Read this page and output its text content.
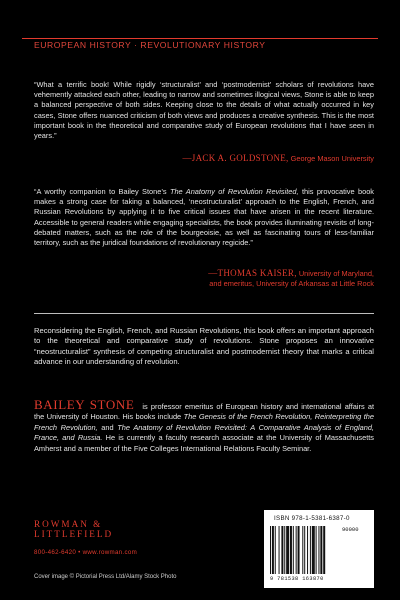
EUROPEAN HISTORY · REVOLUTIONARY HISTORY
“What a terrific book! While rigidly ‘structuralist’ and ‘postmodernist’ scholars of revolutions have vehemently attacked each other, leading to narrow and sometimes illogical views, Stone is able to keep a balanced perspective of both sides. Keeping close to the details of what actually occurred in key cases, Stone offers nuanced criticism of both views and produces a creative synthesis. This is the most important book in the theoretical and comparative study of European revolutions that I have seen in years.”
—JACK A. GOLDSTONE, George Mason University
“A worthy companion to Bailey Stone’s The Anatomy of Revolution Revisited, this provocative book makes a strong case for taking a balanced, ‘neostructuralist’ approach to the English, French, and Russian Revolutions by applying it to five critical issues that have arisen in the recent literature. Accessible to general readers while engaging specialists, the book provides illuminating revisits of long-debated matters, such as the role of the bourgeoisie, as well as fascinating tours of less-familiar territory, such as the juridical foundations of revolutionary regicide.”
—THOMAS KAISER, University of Maryland,
and emeritus, University of Arkansas at Little Rock
Reconsidering the English, French, and Russian Revolutions, this book offers an important approach to the theoretical and comparative study of revolutions. Stone proposes an innovative “neostructuralist” synthesis of competing structuralist and postmodernist theory that marks a critical advance in our understanding of revolution.
BAILEY STONE is professor emeritus of European history and international affairs at the University of Houston. His books include The Genesis of the French Revolution, Reinterpreting the French Revolution, and The Anatomy of Revolution Revisited: A Comparative Analysis of England, France, and Russia. He is currently a faculty research associate at the University of Massachusetts Amherst and a member of the Five Colleges International Relations Faculty Seminar.
ROWMAN &
LITTLEFIELD
800-462-6420 • www.rowman.com
Cover image © Pictorial Press Ltd/Alamy Stock Photo
ISBN 978-1-5381-6387-0
9 781538 163870
90000
